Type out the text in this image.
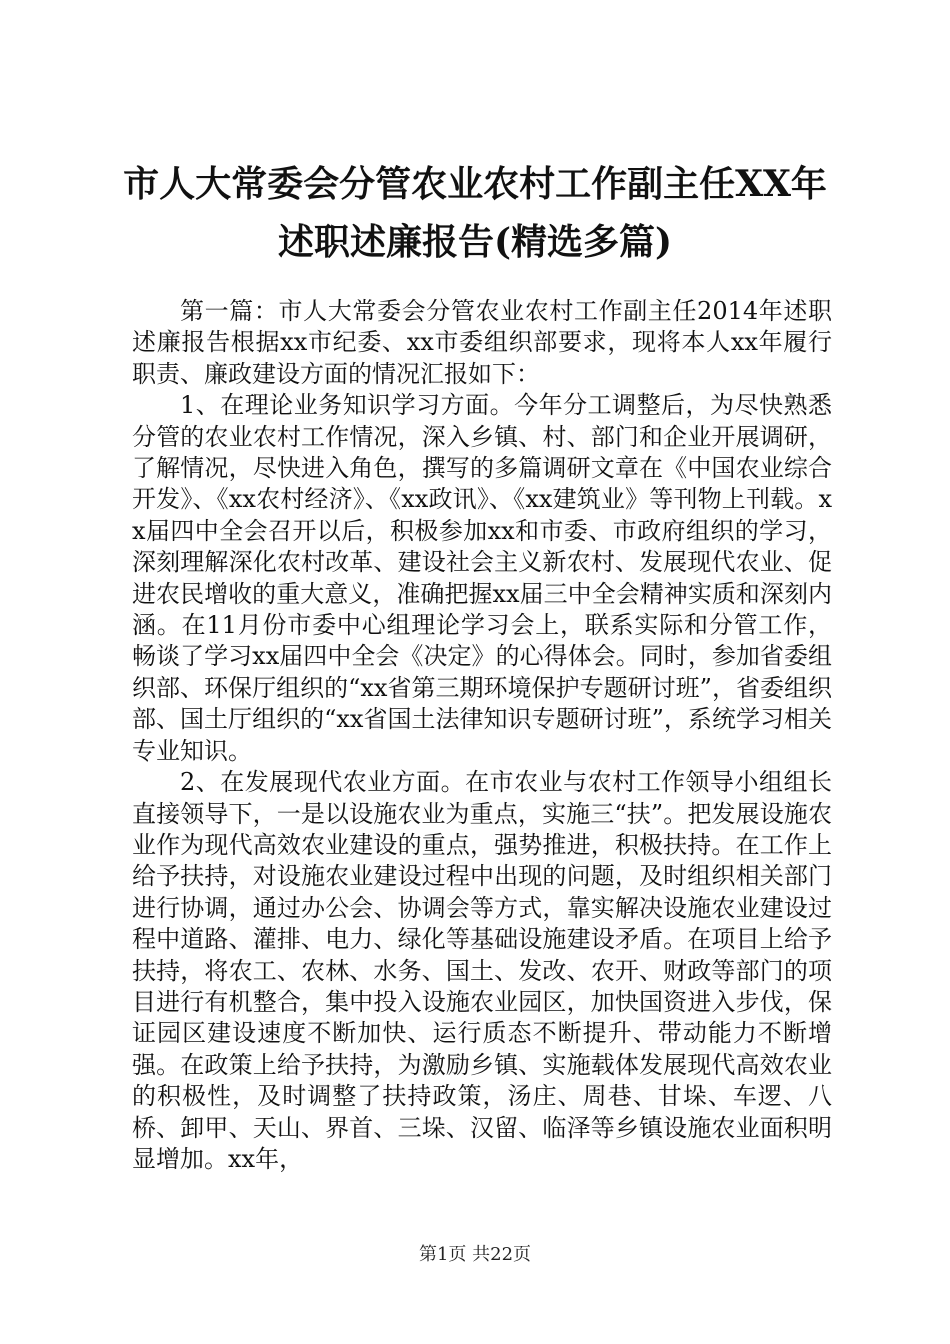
市人大常委会分管农业农村工作副主任XX年
述职述廉报告(精选多篇)

第一篇：市人大常委会分管农业农村工作副主任2014年述职述廉报告根据xx市纪委、xx市委组织部要求，现将本人xx年履行职责、廉政建设方面的情况汇报如下：

1、在理论业务知识学习方面。今年分工调整后，为尽快熟悉分管的农业农村工作情况，深入乡镇、村、部门和企业开展调研，了解情况，尽快进入角色，撰写的多篇调研文章在《中国农业综合开发》、《xx农村经济》、《xx政讯》、《xx建筑业》等刊物上刊载。xx届四中全会召开以后，积极参加xx和市委、市政府组织的学习，深刻理解深化农村改革、建设社会主义新农村、发展现代农业、促进农民增收的重大意义，准确把握xx届三中全会精神实质和深刻内涵。在11月份市委中心组理论学习会上，联系实际和分管工作，畅谈了学习xx届四中全会《决定》的心得体会。同时，参加省委组织部、环保厅组织的“xx省第三期环境保护专题研讨班”，省委组织部、国土厅组织的“xx省国土法律知识专题研讨班”，系统学习相关专业知识。

2、在发展现代农业方面。在市农业与农村工作领导小组组长直接领导下，一是以设施农业为重点，实施三“扶”。把发展设施农业作为现代高效农业建设的重点，强势推进，积极扶持。在工作上给予扶持，对设施农业建设过程中出现的问题，及时组织相关部门进行协调，通过办公会、协调会等方式，靠实解决设施农业建设过程中道路、灌排、电力、绿化等基础设施建设矛盾。在项目上给予扶持，将农工、农林、水务、国土、发改、农开、财政等部门的项目进行有机整合，集中投入设施农业园区，加快国资进入步伐，保证园区建设速度不断加快、运行质态不断提升、带动能力不断增强。在政策上给予扶持，为激励乡镇、实施载体发展现代高效农业的积极性，及时调整了扶持政策，汤庄、周巷、甘垛、车逻、八桥、卸甲、天山、界首、三垛、汉留、临泽等乡镇设施农业面积明显增加。xx年，

第1页 共22页
